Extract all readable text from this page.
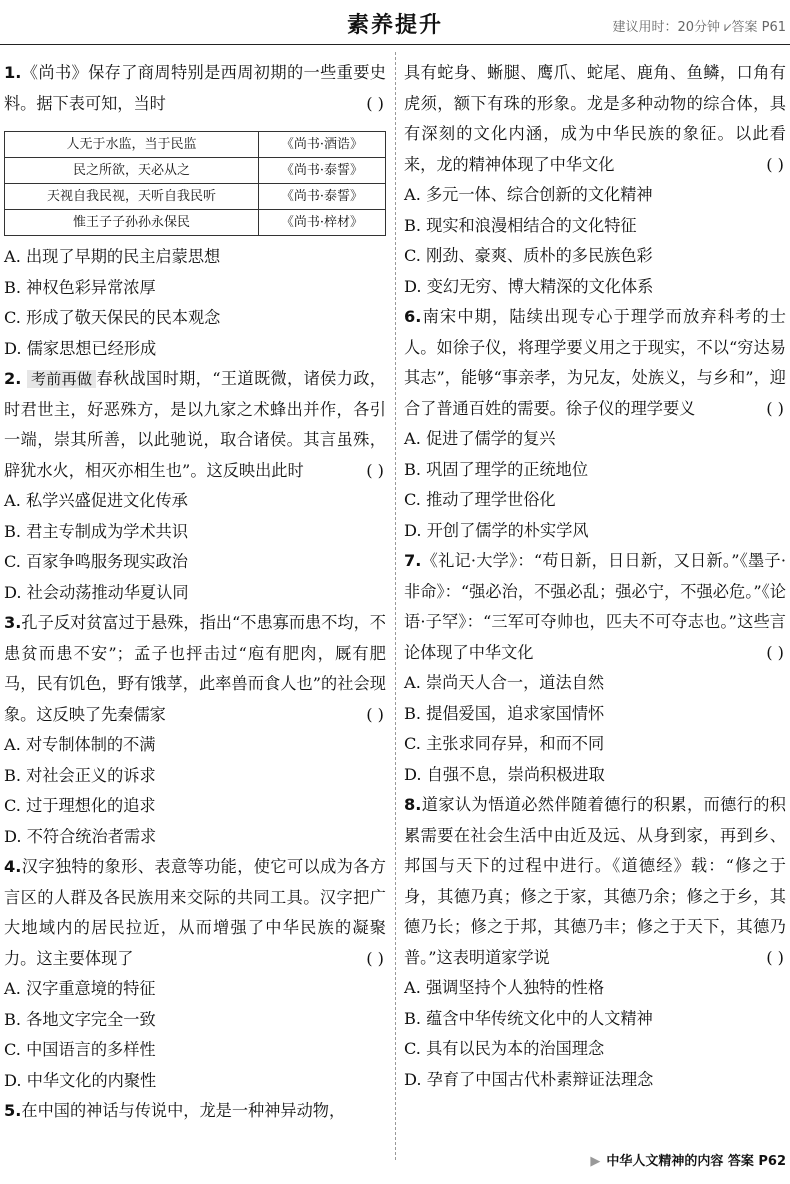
素养提升	建议用时：20分钟 ⩗答案 P61
1.《尚书》保存了商周特别是西周初期的一些重要史料。据下表可知，当时	( )
人无于水监，当于民监	《尚书·酒诰》
民之所欲，天必从之	《尚书·泰誓》
天视自我民视，天听自我民听	《尚书·泰誓》
惟王子子孙孙永保民	《尚书·梓材》
A. 出现了早期的民主启蒙思想
B. 神权色彩异常浓厚
C. 形成了敬天保民的民本观念
D. 儒家思想已经形成
2. 考前再做 春秋战国时期，“王道既微，诸侯力政，时君世主，好恶殊方，是以九家之术蜂出并作，各引一端，崇其所善，以此驰说，取合诸侯。其言虽殊，辟犹水火，相灭亦相生也”。这反映出此时	( )
A. 私学兴盛促进文化传承
B. 君主专制成为学术共识
C. 百家争鸣服务现实政治
D. 社会动荡推动华夏认同
3.孔子反对贫富过于悬殊，指出“不患寡而患不均，不患贫而患不安”；孟子也抨击过“庖有肥肉，厩有肥马，民有饥色，野有饿莩，此率兽而食人也”的社会现象。这反映了先秦儒家	( )
A. 对专制体制的不满
B. 对社会正义的诉求
C. 过于理想化的追求
D. 不符合统治者需求
4.汉字独特的象形、表意等功能，使它可以成为各方言区的人群及各民族用来交际的共同工具。汉字把广大地域内的居民拉近，从而增强了中华民族的凝聚力。这主要体现了	( )
A. 汉字重意境的特征
B. 各地文字完全一致
C. 中国语言的多样性
D. 中华文化的内聚性
5.在中国的神话与传说中，龙是一种神异动物，
具有蛇身、蜥腿、鹰爪、蛇尾、鹿角、鱼鳞，口角有虎须，额下有珠的形象。龙是多种动物的综合体，具有深刻的文化内涵，成为中华民族的象征。以此看来，龙的精神体现了中华文化	( )
A. 多元一体、综合创新的文化精神
B. 现实和浪漫相结合的文化特征
C. 刚劲、豪爽、质朴的多民族色彩
D. 变幻无穷、博大精深的文化体系
6.南宋中期，陆续出现专心于理学而放弃科考的士人。如徐子仪，将理学要义用之于现实，不以“穷达易其志”，能够“事亲孝，为兄友，处族义，与乡和”，迎合了普通百姓的需要。徐子仪的理学要义	( )
A. 促进了儒学的复兴
B. 巩固了理学的正统地位
C. 推动了理学世俗化
D. 开创了儒学的朴实学风
7.《礼记·大学》：“苟日新，日日新，又日新。”《墨子·非命》：“强必治，不强必乱；强必宁，不强必危。”《论语·子罕》：“三军可夺帅也，匹夫不可夺志也。”这些言论体现了中华文化	( )
A. 崇尚天人合一，道法自然
B. 提倡爱国，追求家国情怀
C. 主张求同存异，和而不同
D. 自强不息，崇尚积极进取
8.道家认为悟道必然伴随着德行的积累，而德行的积累需要在社会生活中由近及远、从身到家，再到乡、邦国与天下的过程中进行。《道德经》载：“修之于身，其德乃真；修之于家，其德乃余；修之于乡，其德乃长；修之于邦，其德乃丰；修之于天下，其德乃普。”这表明道家学说	( )
A. 强调坚持个人独特的性格
B. 蕴含中华传统文化中的人文精神
C. 具有以民为本的治国理念
D. 孕育了中国古代朴素辩证法理念
▶ 中华人文精神的内容 答案 P62
